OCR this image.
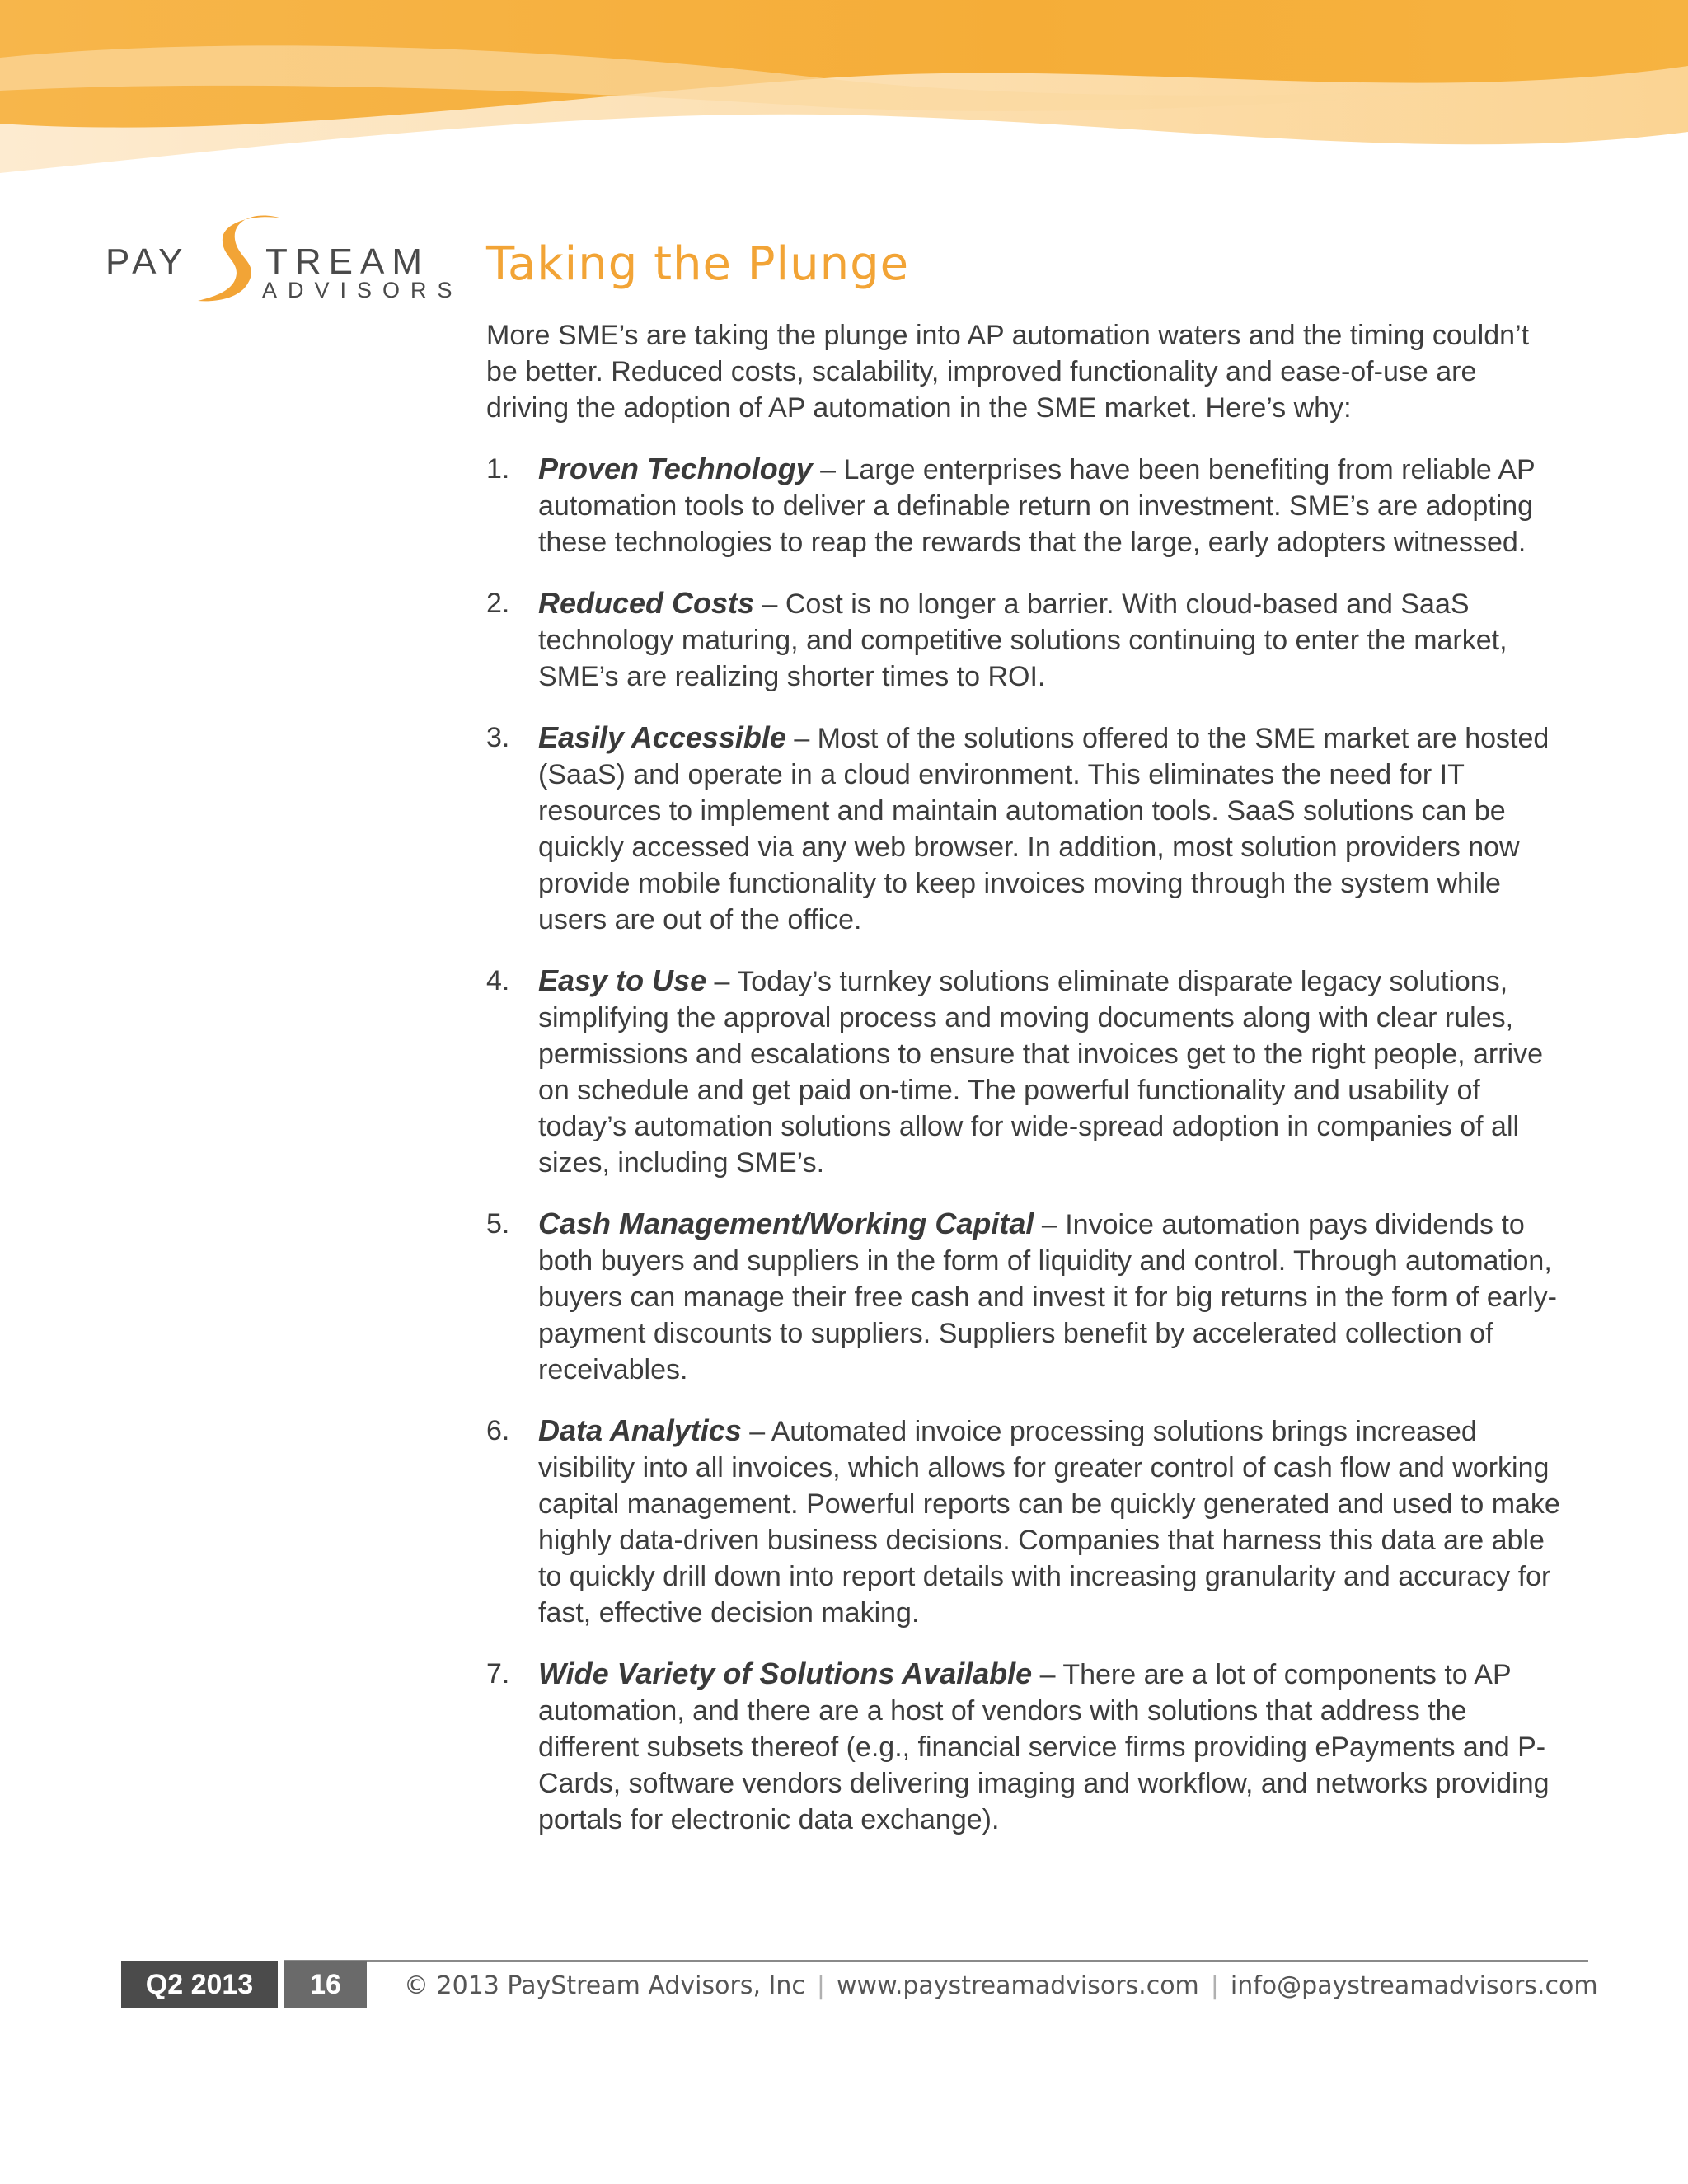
PAY TREAM
ADVISORS Taking the Plunge

More SME’s are taking the plunge into AP automation waters and the timing couldn’t be better. Reduced costs, scalability, improved functionality and ease-of-use are driving the adoption of AP automation in the SME market. Here’s why:

1. Proven Technology – Large enterprises have been benefiting from reliable AP automation tools to deliver a definable return on investment. SME’s are adopting these technologies to reap the rewards that the large, early adopters witnessed.
2. Reduced Costs – Cost is no longer a barrier. With cloud-based and SaaS technology maturing, and competitive solutions continuing to enter the market, SME’s are realizing shorter times to ROI.
3. Easily Accessible – Most of the solutions offered to the SME market are hosted (SaaS) and operate in a cloud environment. This eliminates the need for IT resources to implement and maintain automation tools. SaaS solutions can be quickly accessed via any web browser. In addition, most solution providers now provide mobile functionality to keep invoices moving through the system while users are out of the office.
4. Easy to Use – Today’s turnkey solutions eliminate disparate legacy solutions, simplifying the approval process and moving documents along with clear rules, permissions and escalations to ensure that invoices get to the right people, arrive on schedule and get paid on-time. The powerful functionality and usability of today’s automation solutions allow for wide-spread adoption in companies of all sizes, including SME’s.
5. Cash Management/Working Capital – Invoice automation pays dividends to both buyers and suppliers in the form of liquidity and control. Through automation, buyers can manage their free cash and invest it for big returns in the form of early-payment discounts to suppliers. Suppliers benefit by accelerated collection of receivables.
6. Data Analytics – Automated invoice processing solutions brings increased visibility into all invoices, which allows for greater control of cash flow and working capital management. Powerful reports can be quickly generated and used to make highly data-driven business decisions. Companies that harness this data are able to quickly drill down into report details with increasing granularity and accuracy for fast, effective decision making.
7. Wide Variety of Solutions Available – There are a lot of components to AP automation, and there are a host of vendors with solutions that address the different subsets thereof (e.g., financial service firms providing ePayments and P-Cards, software vendors delivering imaging and workflow, and networks providing portals for electronic data exchange).
Q2 2013	16	© 2013 PayStream Advisors, Inc | www.paystreamadvisors.com | info@paystreamadvisors.com
